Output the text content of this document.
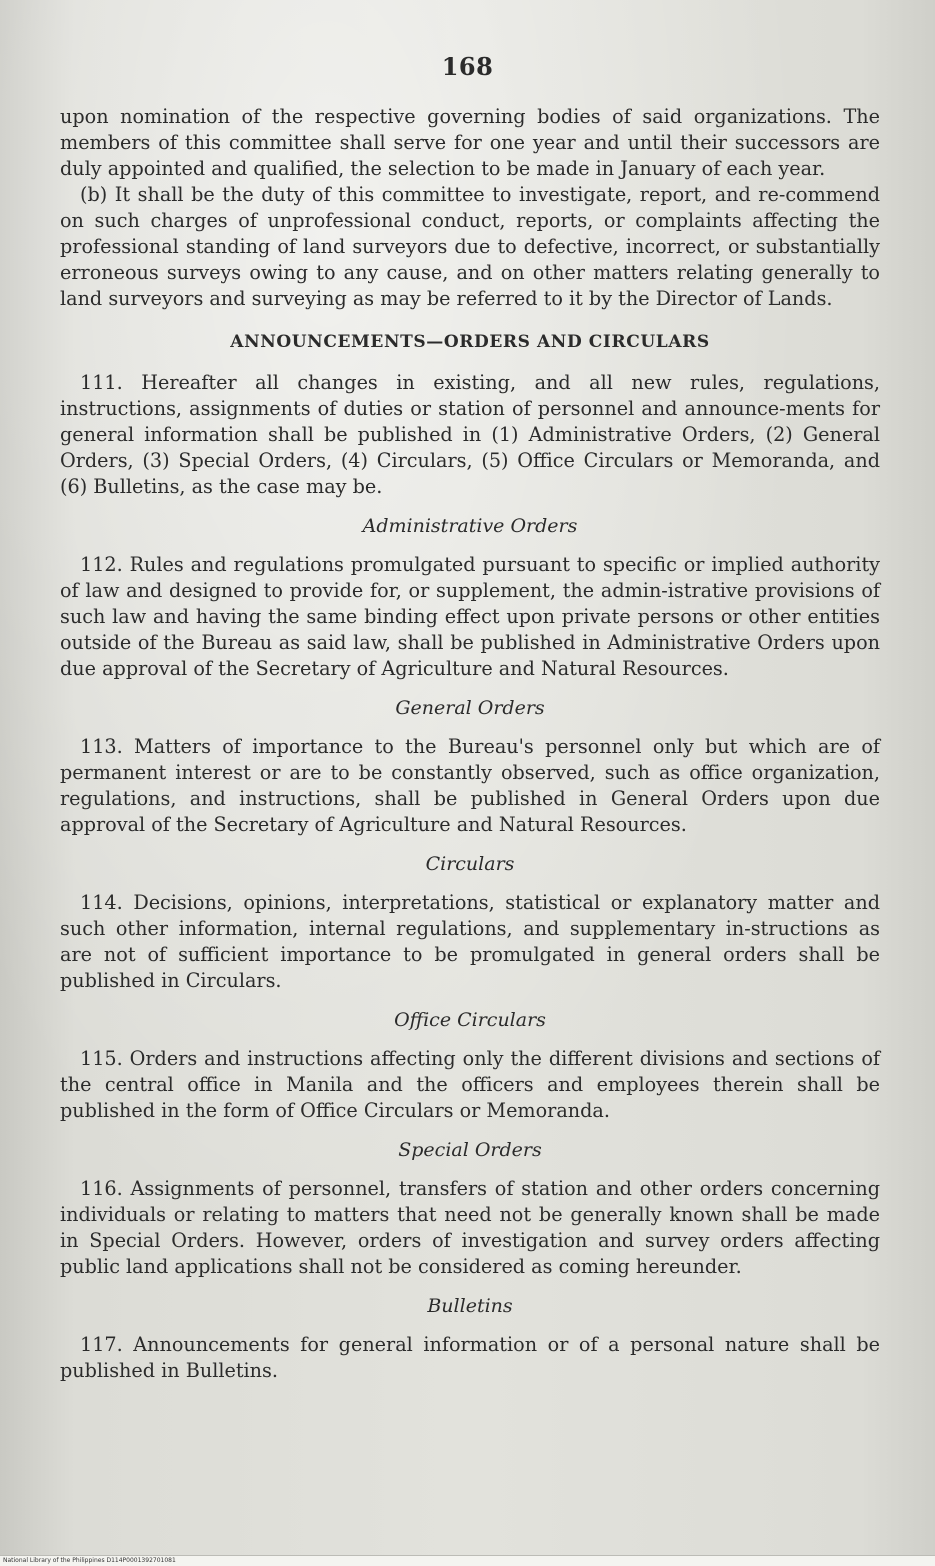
168

upon nomination of the respective governing bodies of said organizations. The members of this committee shall serve for one year and until their successors are duly appointed and qualified, the selection to be made in January of each year.

(b) It shall be the duty of this committee to investigate, report, and re-commend on such charges of unprofessional conduct, reports, or complaints affecting the professional standing of land surveyors due to defective, incorrect, or substantially erroneous surveys owing to any cause, and on other matters relating generally to land surveyors and surveying as may be referred to it by the Director of Lands.

ANNOUNCEMENTS—ORDERS AND CIRCULARS

111. Hereafter all changes in existing, and all new rules, regulations, instructions, assignments of duties or station of personnel and announce-ments for general information shall be published in (1) Administrative Orders, (2) General Orders, (3) Special Orders, (4) Circulars, (5) Office Circulars or Memoranda, and (6) Bulletins, as the case may be.

Administrative Orders

112. Rules and regulations promulgated pursuant to specific or implied authority of law and designed to provide for, or supplement, the admin-istrative provisions of such law and having the same binding effect upon private persons or other entities outside of the Bureau as said law, shall be published in Administrative Orders upon due approval of the Secretary of Agriculture and Natural Resources.

General Orders

113. Matters of importance to the Bureau's personnel only but which are of permanent interest or are to be constantly observed, such as office organization, regulations, and instructions, shall be published in General Orders upon due approval of the Secretary of Agriculture and Natural Resources.

Circulars

114. Decisions, opinions, interpretations, statistical or explanatory matter and such other information, internal regulations, and supplementary in-structions as are not of sufficient importance to be promulgated in general orders shall be published in Circulars.

Office Circulars

115. Orders and instructions affecting only the different divisions and sections of the central office in Manila and the officers and employees therein shall be published in the form of Office Circulars or Memoranda.

Special Orders

116. Assignments of personnel, transfers of station and other orders concerning individuals or relating to matters that need not be generally known shall be made in Special Orders. However, orders of investigation and survey orders affecting public land applications shall not be considered as coming hereunder.

Bulletins

117. Announcements for general information or of a personal nature shall be published in Bulletins.

National Library of the Philippines D114P0001392701081
